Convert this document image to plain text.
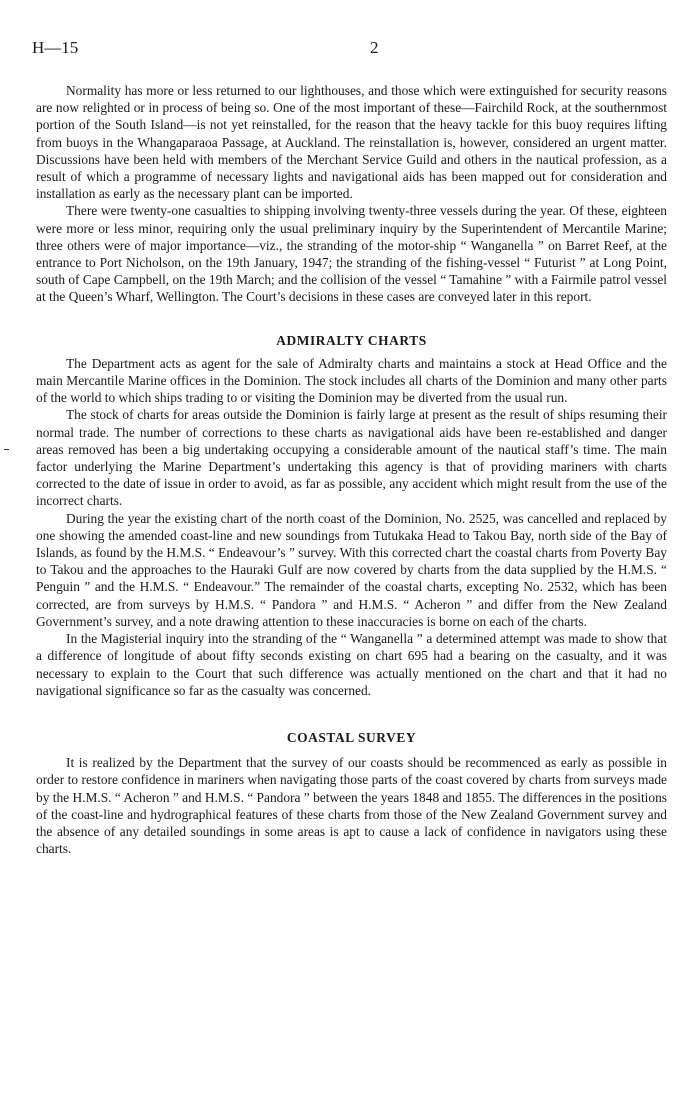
H—15	2

Normality has more or less returned to our lighthouses, and those which were extinguished for security reasons are now relighted or in process of being so. One of the most important of these—Fairchild Rock, at the southernmost portion of the South Island—is not yet reinstalled, for the reason that the heavy tackle for this buoy requires lifting from buoys in the Whangaparaoa Passage, at Auckland. The reinstallation is, however, considered an urgent matter. Discussions have been held with members of the Merchant Service Guild and others in the nautical profession, as a result of which a programme of necessary lights and navigational aids has been mapped out for consideration and installation as early as the necessary plant can be imported.

There were twenty-one casualties to shipping involving twenty-three vessels during the year. Of these, eighteen were more or less minor, requiring only the usual preliminary inquiry by the Superintendent of Mercantile Marine; three others were of major importance—viz., the stranding of the motor-ship “ Wanganella ” on Barret Reef, at the entrance to Port Nicholson, on the 19th January, 1947; the stranding of the fishing-vessel “ Futurist ” at Long Point, south of Cape Campbell, on the 19th March; and the collision of the vessel “ Tamahine ” with a Fairmile patrol vessel at the Queen’s Wharf, Wellington. The Court’s decisions in these cases are conveyed later in this report.

ADMIRALTY CHARTS

The Department acts as agent for the sale of Admiralty charts and maintains a stock at Head Office and the main Mercantile Marine offices in the Dominion. The stock includes all charts of the Dominion and many other parts of the world to which ships trading to or visiting the Dominion may be diverted from the usual run.

The stock of charts for areas outside the Dominion is fairly large at present as the result of ships resuming their normal trade. The number of corrections to these charts as navigational aids have been re-established and danger areas removed has been a big undertaking occupying a considerable amount of the nautical staff’s time. The main factor underlying the Marine Department’s undertaking this agency is that of providing mariners with charts corrected to the date of issue in order to avoid, as far as possible, any accident which might result from the use of the incorrect charts.

During the year the existing chart of the north coast of the Dominion, No. 2525, was cancelled and replaced by one showing the amended coast-line and new soundings from Tutukaka Head to Takou Bay, north side of the Bay of Islands, as found by the H.M.S. “ Endeavour’s ” survey. With this corrected chart the coastal charts from Poverty Bay to Takou and the approaches to the Hauraki Gulf are now covered by charts from the data supplied by the H.M.S. “ Penguin ” and the H.M.S. “ Endeavour.” The remainder of the coastal charts, excepting No. 2532, which has been corrected, are from surveys by H.M.S. “ Pandora ” and H.M.S. “ Acheron ” and differ from the New Zealand Government’s survey, and a note drawing attention to these inaccuracies is borne on each of the charts.

In the Magisterial inquiry into the stranding of the “ Wanganella ” a determined attempt was made to show that a difference of longitude of about fifty seconds existing on chart 695 had a bearing on the casualty, and it was necessary to explain to the Court that such difference was actually mentioned on the chart and that it had no navigational significance so far as the casualty was concerned.

COASTAL SURVEY

It is realized by the Department that the survey of our coasts should be recommenced as early as possible in order to restore confidence in mariners when navigating those parts of the coast covered by charts from surveys made by the H.M.S. “ Acheron ” and H.M.S. “ Pandora ” between the years 1848 and 1855. The differences in the positions of the coast-line and hydrographical features of these charts from those of the New Zealand Government survey and the absence of any detailed soundings in some areas is apt to cause a lack of confidence in navigators using these charts.
